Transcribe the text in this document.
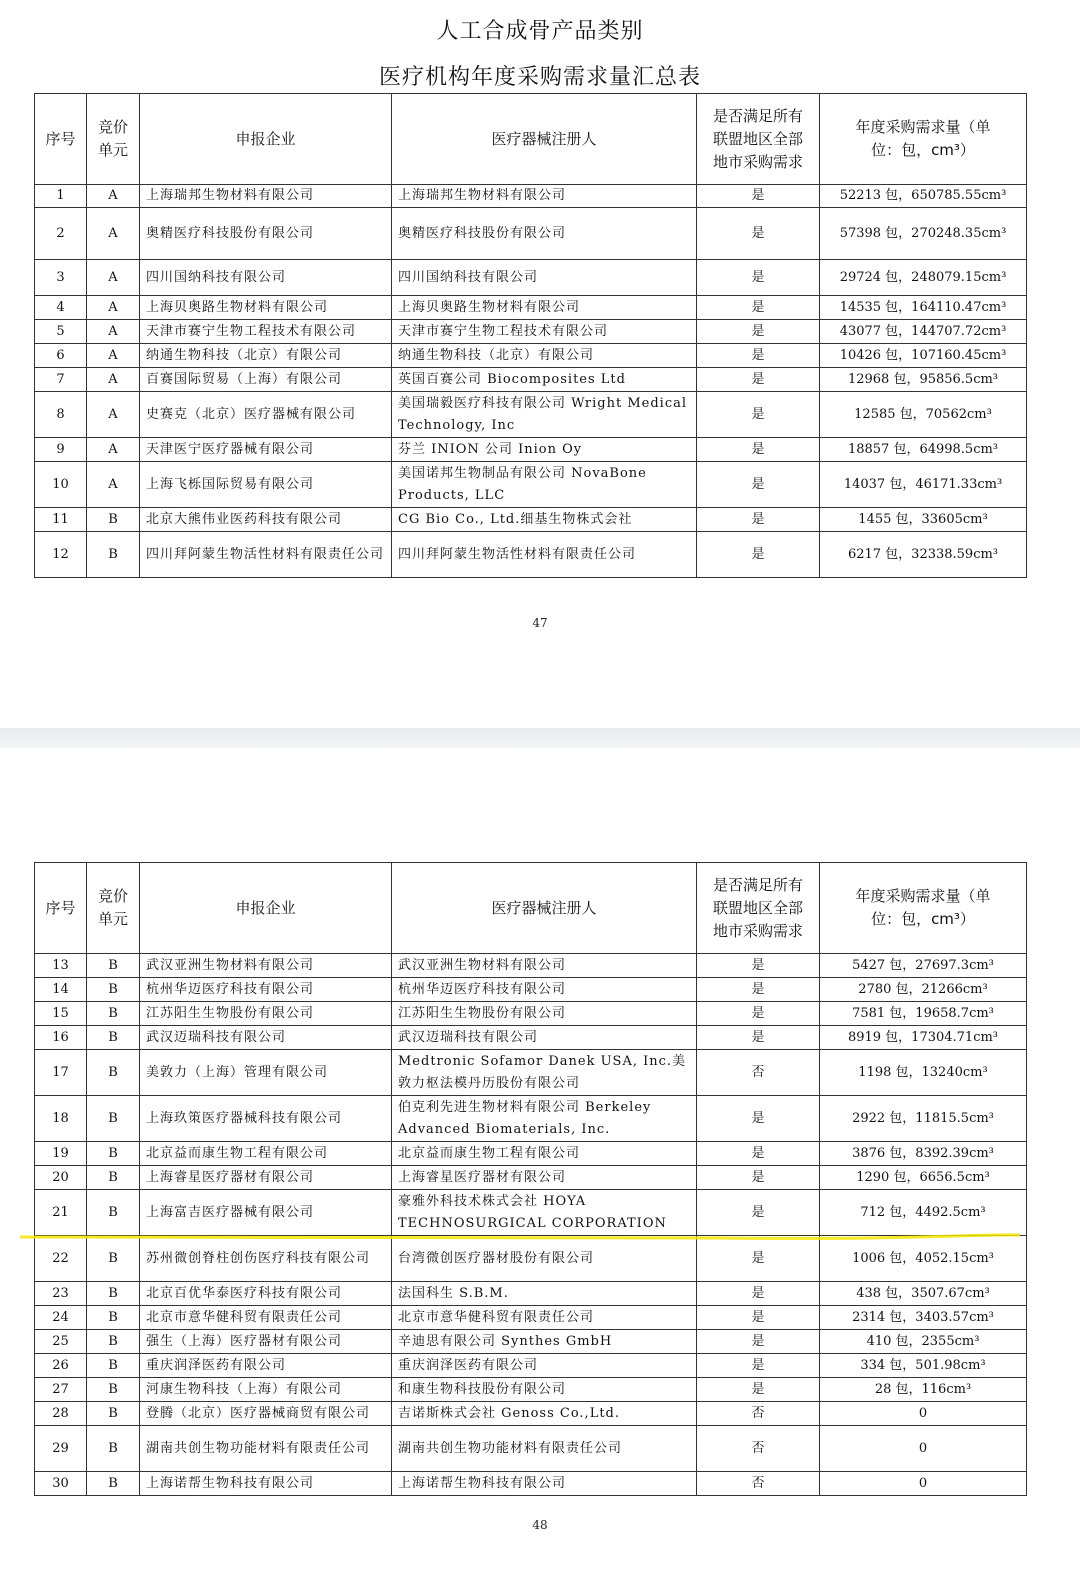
人工合成骨产品类别
医疗机构年度采购需求量汇总表
序号	竞价单元	申报企业	医疗器械注册人	是否满足所有联盟地区全部地市采购需求	年度采购需求量（单位：包，cm³）
1	A	上海瑞邦生物材料有限公司	上海瑞邦生物材料有限公司	是	52213 包，650785.55cm³
2	A	奥精医疗科技股份有限公司	奥精医疗科技股份有限公司	是	57398 包，270248.35cm³
3	A	四川国纳科技有限公司	四川国纳科技有限公司	是	29724 包，248079.15cm³
4	A	上海贝奥路生物材料有限公司	上海贝奥路生物材料有限公司	是	14535 包，164110.47cm³
5	A	天津市赛宁生物工程技术有限公司	天津市赛宁生物工程技术有限公司	是	43077 包，144707.72cm³
6	A	纳通生物科技（北京）有限公司	纳通生物科技（北京）有限公司	是	10426 包，107160.45cm³
7	A	百赛国际贸易（上海）有限公司	英国百赛公司 Biocomposites Ltd	是	12968 包，95856.5cm³
8	A	史赛克（北京）医疗器械有限公司	美国瑞毅医疗科技有限公司 Wright Medical Technology, Inc	是	12585 包，70562cm³
9	A	天津医宁医疗器械有限公司	芬兰 INION 公司 Inion Oy	是	18857 包，64998.5cm³
10	A	上海飞栎国际贸易有限公司	美国诺邦生物制品有限公司 NovaBone Products, LLC	是	14037 包，46171.33cm³
11	B	北京大熊伟业医药科技有限公司	CG Bio Co., Ltd.细基生物株式会社	是	1455 包，33605cm³
12	B	四川拜阿蒙生物活性材料有限责任公司	四川拜阿蒙生物活性材料有限责任公司	是	6217 包，32338.59cm³
47
序号	竞价单元	申报企业	医疗器械注册人	是否满足所有联盟地区全部地市采购需求	年度采购需求量（单位：包，cm³）
13	B	武汉亚洲生物材料有限公司	武汉亚洲生物材料有限公司	是	5427 包，27697.3cm³
14	B	杭州华迈医疗科技有限公司	杭州华迈医疗科技有限公司	是	2780 包，21266cm³
15	B	江苏阳生生物股份有限公司	江苏阳生生物股份有限公司	是	7581 包，19658.7cm³
16	B	武汉迈瑞科技有限公司	武汉迈瑞科技有限公司	是	8919 包，17304.71cm³
17	B	美敦力（上海）管理有限公司	Medtronic Sofamor Danek USA, Inc.美敦力枢法模丹历股份有限公司	否	1198 包，13240cm³
18	B	上海玖策医疗器械科技有限公司	伯克利先进生物材料有限公司 Berkeley Advanced Biomaterials, Inc.	是	2922 包，11815.5cm³
19	B	北京益而康生物工程有限公司	北京益而康生物工程有限公司	是	3876 包，8392.39cm³
20	B	上海睿星医疗器材有限公司	上海睿星医疗器材有限公司	是	1290 包，6656.5cm³
21	B	上海富吉医疗器械有限公司	豪雅外科技术株式会社 HOYA TECHNOSURGICAL CORPORATION	是	712 包，4492.5cm³
22	B	苏州微创脊柱创伤医疗科技有限公司	台湾微创医疗器材股份有限公司	是	1006 包，4052.15cm³
23	B	北京百优华泰医疗科技有限公司	法国科生 S.B.M.	是	438 包，3507.67cm³
24	B	北京市意华健科贸有限责任公司	北京市意华健科贸有限责任公司	是	2314 包，3403.57cm³
25	B	强生（上海）医疗器材有限公司	辛迪思有限公司 Synthes GmbH	是	410 包，2355cm³
26	B	重庆润泽医药有限公司	重庆润泽医药有限公司	是	334 包，501.98cm³
27	B	河康生物科技（上海）有限公司	和康生物科技股份有限公司	是	28 包，116cm³
28	B	登腾（北京）医疗器械商贸有限公司	吉诺斯株式会社 Genoss Co.,Ltd.	否	0
29	B	湖南共创生物功能材料有限责任公司	湖南共创生物功能材料有限责任公司	否	0
30	B	上海诺帮生物科技有限公司	上海诺帮生物科技有限公司	否	0
48
